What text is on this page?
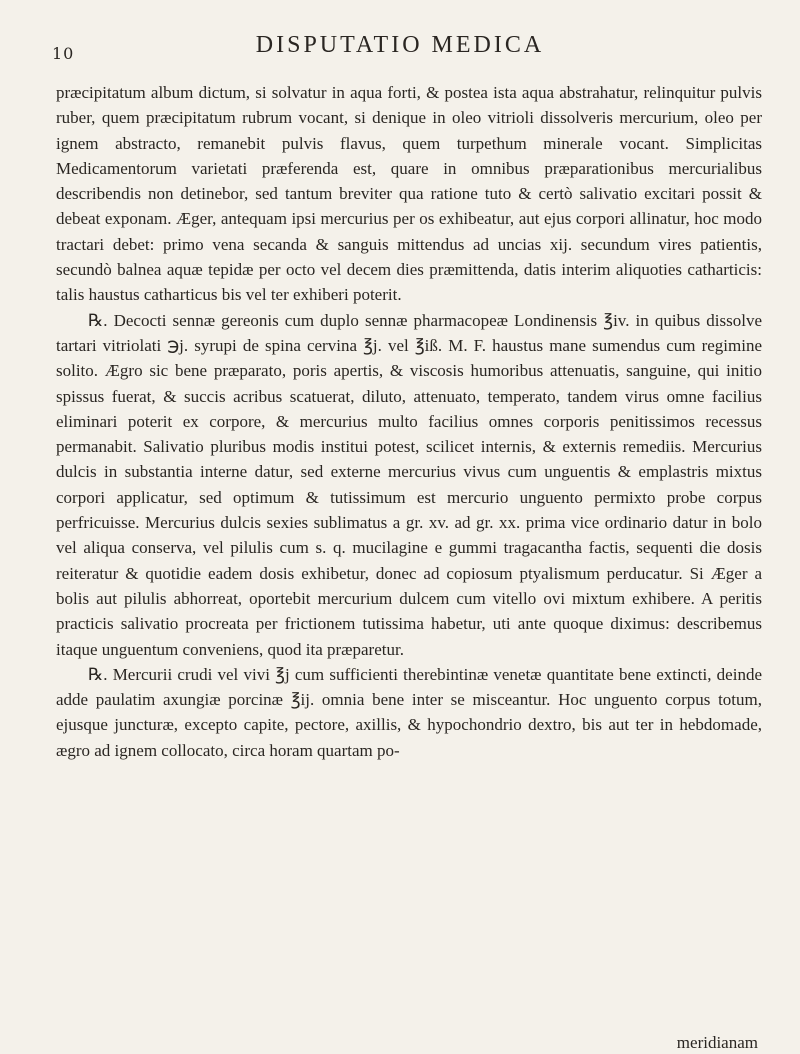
10	DISPUTATIO MEDICA

præcipitatum album dictum, si solvatur in aqua forti, & postea ista aqua abstrahatur, relinquitur pulvis ruber, quem præcipitatum rubrum vocant, si denique in oleo vitrioli dissolveris mercurium, oleo per ignem abstracto, remanebit pulvis flavus, quem turpethum minerale vocant. Simplicitas Medicamentorum varietati præferenda est, quare in omnibus præparationibus mercurialibus describendis non detinebor, sed tantum breviter qua ratione tuto & certò salivatio excitari possit & debeat exponam. Æger, antequam ipsi mercurius per os exhibeatur, aut ejus corpori allinatur, hoc modo tractari debet: primo vena secanda & sanguis mittendus ad uncias xij. secundum vires patientis, secundò balnea aquæ tepidæ per octo vel decem dies præmittenda, datis interim aliquoties catharticis: talis haustus catharticus bis vel ter exhiberi poterit.

℞. Decocti sennæ gereonis cum duplo sennæ pharmacopeæ Londinensis ℥iv. in quibus dissolve tartari vitriolati ℈j. syrupi de spina cervina ℥j. vel ℥iß. M. F. haustus mane sumendus cum regimine solito. Ægro sic bene præparato, poris apertis, & viscosis humoribus attenuatis, sanguine, qui initio spissus fuerat, & succis acribus scatuerat, diluto, attenuato, temperato, tandem virus omne facilius eliminari poterit ex corpore, & mercurius multo facilius omnes corporis penitissimos recessus permanabit. Salivatio pluribus modis institui potest, scilicet internis, & externis remediis. Mercurius dulcis in substantia interne datur, sed externe mercurius vivus cum unguentis & emplastris mixtus corpori applicatur, sed optimum & tutissimum est mercurio unguento permixto probe corpus perfricuisse. Mercurius dulcis sexies sublimatus a gr. xv. ad gr. xx. prima vice ordinario datur in bolo vel aliqua conserva, vel pilulis cum s. q. mucilagine e gummi tragacantha factis, sequenti die dosis reiteratur & quotidie eadem dosis exhibetur, donec ad copiosum ptyalismum perducatur. Si Æger a bolis aut pilulis abhorreat, oportebit mercurium dulcem cum vitello ovi mixtum exhibere. A peritis practicis salivatio procreata per frictionem tutissima habetur, uti ante quoque diximus: describemus itaque unguentum conveniens, quod ita præparetur.

℞. Mercurii crudi vel vivi ℥j cum sufficienti therebintinæ venetæ quantitate bene extincti, deinde adde paulatim axungiæ porcinæ ℥ij. omnia bene inter se misceantur. Hoc unguento corpus totum, ejusque juncturæ, excepto capite, pectore, axillis, & hypochondrio dextro, bis aut ter in hebdomade, ægro ad ignem collocato, circa horam quartam po-

meridianam
